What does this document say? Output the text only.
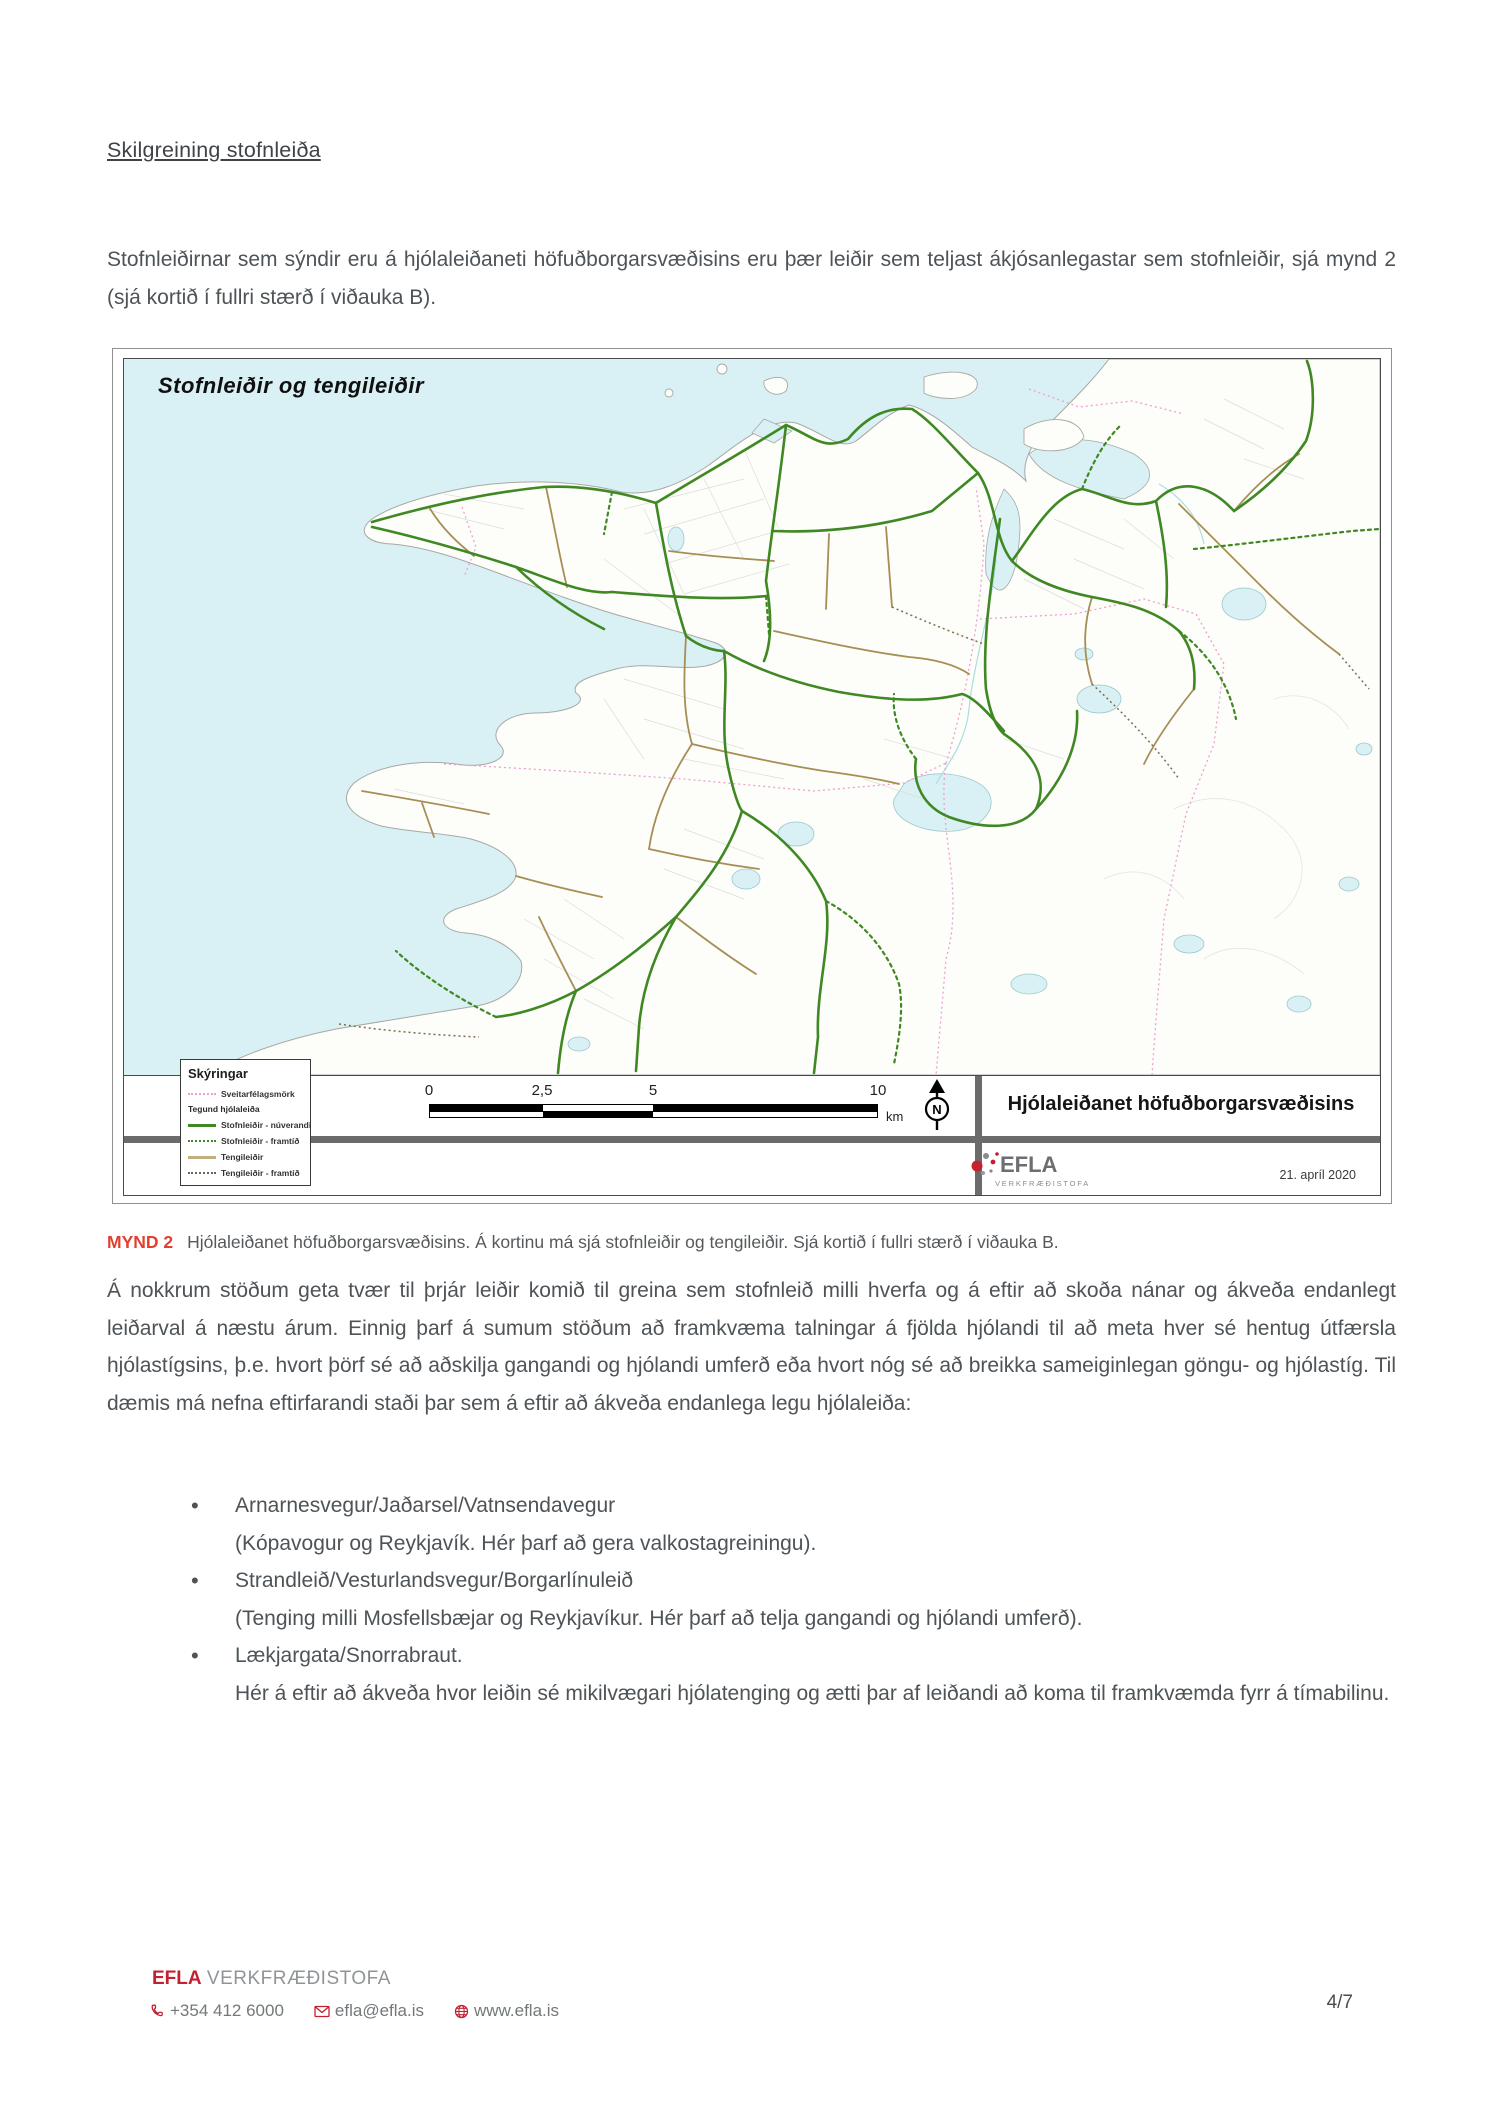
Skilgreining stofnleiða

Stofnleiðirnar sem sýndir eru á hjólaleiðaneti höfuðborgarsvæðisins eru þær leiðir sem teljast ákjósanlegastar sem stofnleiðir, sjá mynd 2 (sjá kortið í fullri stærð í viðauka B).

Stofnleiðir og tengileiðir
0	2,5	5	10
km N	Hjólaleiðanet höfuðborgarsvæðisins
EFLA
VERKFRÆÐISTOFA
21. apríl 2020
Skýringar
Sveitarfélagsmörk
Tegund hjólaleiða
Stofnleiðir - núverandi
Stofnleiðir - framtíð
Tengileiðir
Tengileiðir - framtíð

MYND 2 Hjólaleiðanet höfuðborgarsvæðisins. Á kortinu má sjá stofnleiðir og tengileiðir. Sjá kortið í fullri stærð í viðauka B.

Á nokkrum stöðum geta tvær til þrjár leiðir komið til greina sem stofnleið milli hverfa og á eftir að skoða nánar og ákveða endanlegt leiðarval á næstu árum. Einnig þarf á sumum stöðum að framkvæma talningar á fjölda hjólandi til að meta hver sé hentug útfærsla hjólastígsins, þ.e. hvort þörf sé að aðskilja gangandi og hjólandi umferð eða hvort nóg sé að breikka sameiginlegan göngu- og hjólastíg. Til dæmis má nefna eftirfarandi staði þar sem á eftir að ákveða endanlega legu hjólaleiða:

• Arnarnesvegur/Jaðarsel/Vatnsendavegur
(Kópavogur og Reykjavík. Hér þarf að gera valkostagreiningu).
• Strandleið/Vesturlandsvegur/Borgarlínuleið
(Tenging milli Mosfellsbæjar og Reykjavíkur. Hér þarf að telja gangandi og hjólandi umferð).
• Lækjargata/Snorrabraut.
Hér á eftir að ákveða hvor leiðin sé mikilvægari hjólatenging og ætti þar af leiðandi að koma til framkvæmda fyrr á tímabilinu.
EFLA VERKFRÆÐISTOFA
+354 412 6000	efla@efla.is	www.efla.is	4/7
